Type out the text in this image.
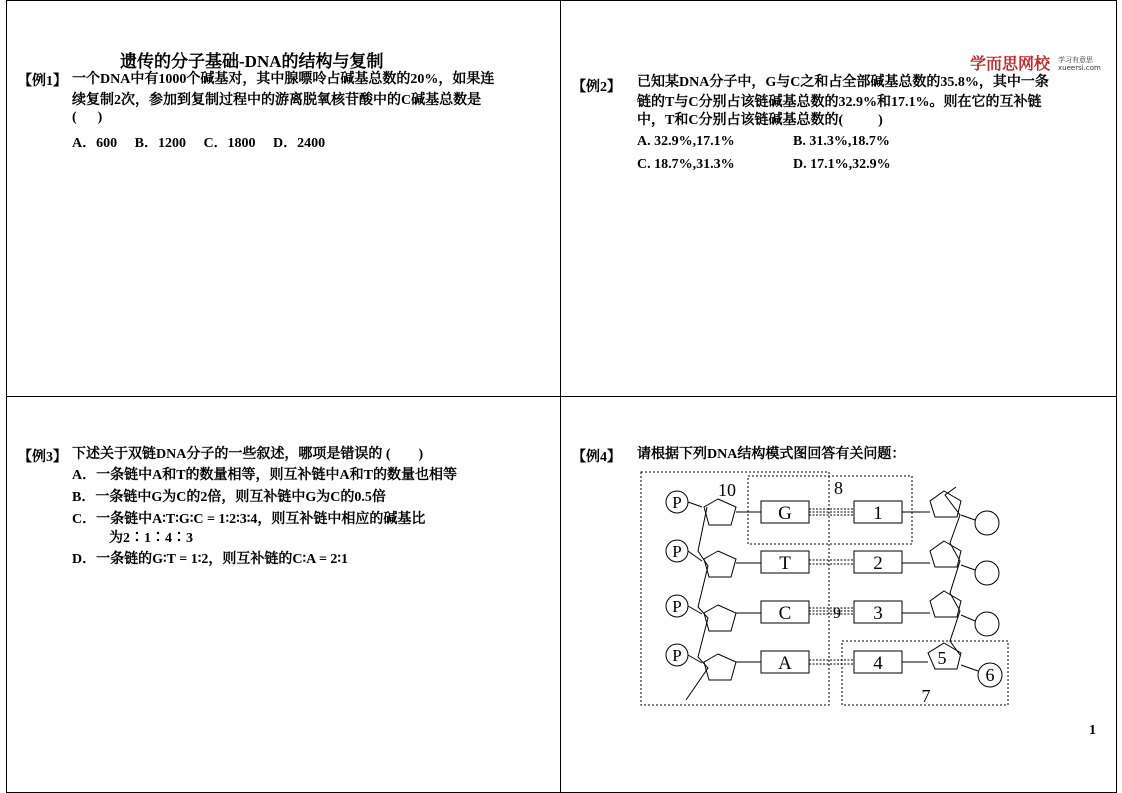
遗传的分子基础-DNA的结构与复制
【例1】 一个DNA中有1000个碱基对，其中腺嘌呤占碱基总数的20%，如果连
续复制2次，参加到复制过程中的游离脱氧核苷酸中的C碱基总数是
(      )
A．600     B．1200     C．1800     D．2400
学而思网校 学习有意思
xueersi.com
【例2】 已知某DNA分子中，G与C之和占全部碱基总数的35.8%，其中一条
链的T与C分别占该链碱基总数的32.9%和17.1%。则在它的互补链
中，T和C分别占该链碱基总数的(          )
A. 32.9%,17.1%	B. 31.3%,18.7%
C. 18.7%,31.3%	D. 17.1%,32.9%
【例3】 下述关于双链DNA分子的一些叙述，哪项是错误的 (        )
A．一条链中A和T的数量相等，则互补链中A和T的数量也相等
B．一条链中G为C的2倍，则互补链中G为C的0.5倍
C．一条链中A∶T∶G∶C = 1∶2∶3∶4，则互补链中相应的碱基比
为2∶1∶4∶3
D．一条链的G∶T = 1∶2，则互补链的C∶A = 2∶1
【例4】 请根据下列DNA结构模式图回答有关问题：
P
P
P
P
G
T
C
A
1
2
3
4
10	8
9
5
6
7
1
